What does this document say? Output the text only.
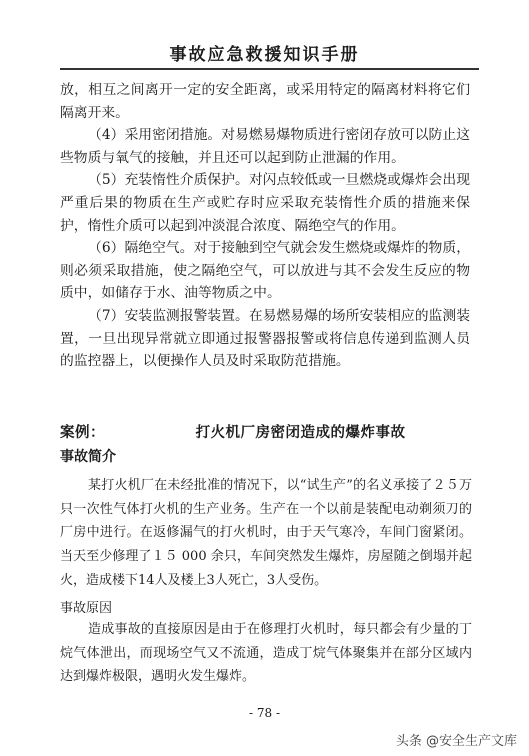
事故应急救援知识手册

放，相互之间离开一定的安全距离，或采用特定的隔离材料将它们隔离开来。

（4）采用密闭措施。对易燃易爆物质进行密闭存放可以防止这些物质与氧气的接触，并且还可以起到防止泄漏的作用。

（5）充装惰性介质保护。对闪点较低或一旦燃烧或爆炸会出现严重后果的物质在生产或贮存时应采取充装惰性介质的措施来保护，惰性介质可以起到冲淡混合浓度、隔绝空气的作用。

（6）隔绝空气。对于接触到空气就会发生燃烧或爆炸的物质，则必须采取措施，使之隔绝空气，可以放进与其不会发生反应的物质中，如储存于水、油等物质之中。

（7）安装监测报警装置。在易燃易爆的场所安装相应的监测装置，一旦出现异常就立即通过报警器报警或将信息传递到监测人员的监控器上，以便操作人员及时采取防范措施。

案例：	打火机厂房密闭造成的爆炸事故
事故简介

某打火机厂在未经批准的情况下，以“试生产”的名义承接了２５万只一次性气体打火机的生产业务。生产在一个以前是装配电动剃须刀的厂房中进行。在返修漏气的打火机时，由于天气寒冷，车间门窗紧闭。当天至少修理了１５ 000 余只，车间突然发生爆炸，房屋随之倒塌并起火，造成楼下14人及楼上3人死亡，3人受伤。

事故原因

造成事故的直接原因是由于在修理打火机时，每只都会有少量的丁烷气体泄出，而现场空气又不流通，造成丁烷气体聚集并在部分区域内达到爆炸极限，遇明火发生爆炸。

- 78 -
头条 @安全生产文库
